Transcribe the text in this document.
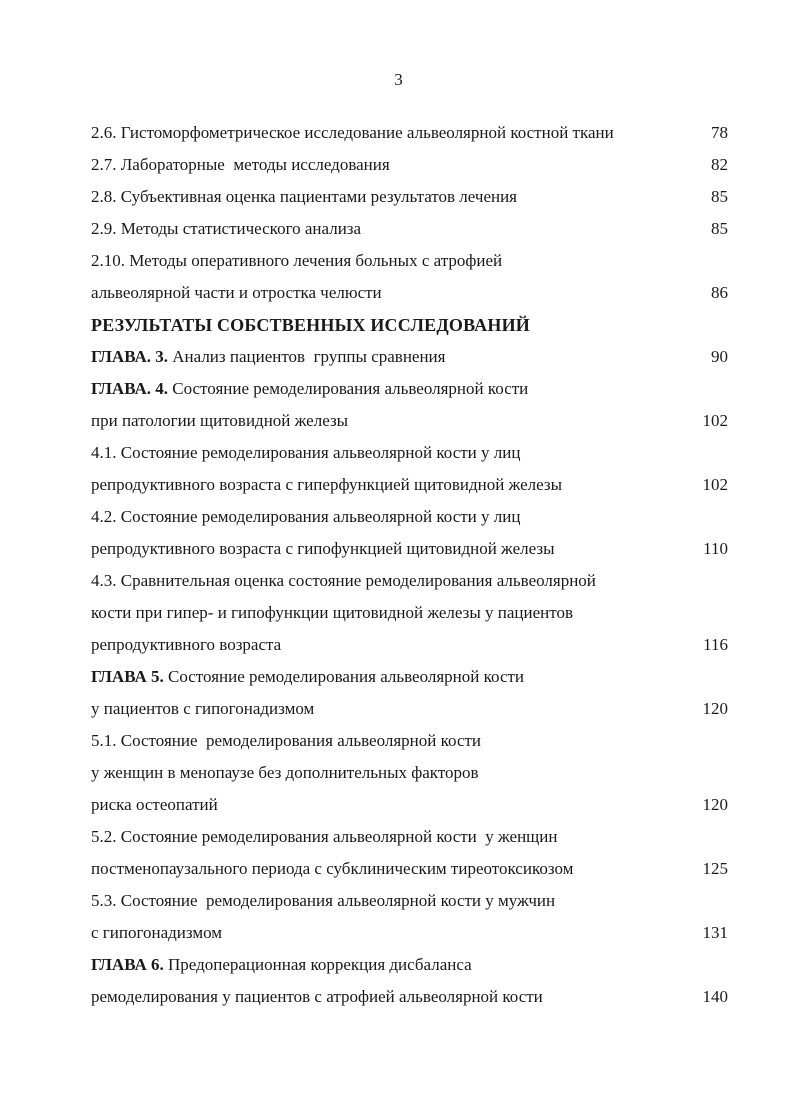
3
2.6. Гистоморфометрическое исследование альвеолярной костной ткани	78
2.7. Лабораторные  методы исследования	82
2.8. Субъективная оценка пациентами результатов лечения	85
2.9. Методы статистического анализа	85
2.10. Методы оперативного лечения больных с атрофией
альвеолярной части и отростка челюсти	86
РЕЗУЛЬТАТЫ СОБСТВЕННЫХ ИССЛЕДОВАНИЙ
ГЛАВА. 3. Анализ пациентов  группы сравнения	90
ГЛАВА. 4. Состояние ремоделирования альвеолярной кости
при патологии щитовидной железы	102
4.1. Состояние ремоделирования альвеолярной кости у лиц
репродуктивного возраста с гиперфункцией щитовидной железы	102
4.2. Состояние ремоделирования альвеолярной кости у лиц
репродуктивного возраста с гипофункцией щитовидной железы	110
4.3. Сравнительная оценка состояние ремоделирования альвеолярной
кости при гипер- и гипофункции щитовидной железы у пациентов
репродуктивного возраста	116
ГЛАВА 5. Состояние ремоделирования альвеолярной кости
у пациентов с гипогонадизмом	120
5.1. Состояние  ремоделирования альвеолярной кости
у женщин в менопаузе без дополнительных факторов
риска остеопатий	120
5.2. Состояние ремоделирования альвеолярной кости  у женщин
постменопаузального периода с субклиническим тиреотоксикозом	125
5.3. Состояние  ремоделирования альвеолярной кости у мужчин
с гипогонадизмом	131
ГЛАВА 6. Предоперационная коррекция дисбаланса
ремоделирования у пациентов с атрофией альвеолярной кости	140
